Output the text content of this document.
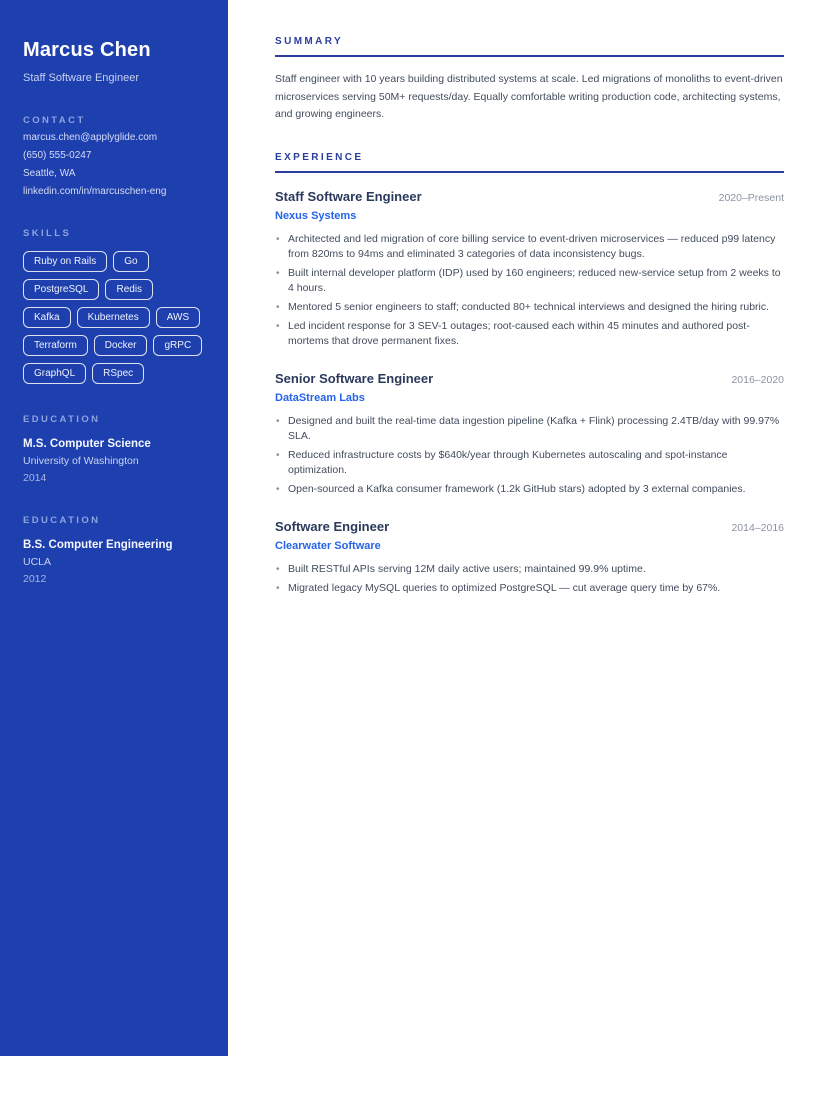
Marcus Chen
Staff Software Engineer
CONTACT
marcus.chen@applyglide.com
(650) 555-0247
Seattle, WA
linkedin.com/in/marcuschen-eng
SKILLS
Ruby on Rails	Go
PostgreSQL	Redis
Kafka	Kubernetes	AWS
Terraform	Docker	gRPC
GraphQL	RSpec
EDUCATION
M.S. Computer Science
University of Washington
2014
EDUCATION
B.S. Computer Engineering
UCLA
2012
SUMMARY

Staff engineer with 10 years building distributed systems at scale. Led migrations of monoliths to event-driven microservices serving 50M+ requests/day. Equally comfortable writing production code, architecting systems, and growing engineers.

EXPERIENCE
Staff Software Engineer	2020–Present
Nexus Systems
• Architected and led migration of core billing service to event-driven microservices — reduced p99 latency from 820ms to 94ms and eliminated 3 categories of data inconsistency bugs.
• Built internal developer platform (IDP) used by 160 engineers; reduced new-service setup from 2 weeks to 4 hours.
• Mentored 5 senior engineers to staff; conducted 80+ technical interviews and designed the hiring rubric.
• Led incident response for 3 SEV-1 outages; root-caused each within 45 minutes and authored post-mortems that drove permanent fixes.
Senior Software Engineer	2016–2020
DataStream Labs
• Designed and built the real-time data ingestion pipeline (Kafka + Flink) processing 2.4TB/day with 99.97% SLA.
• Reduced infrastructure costs by $640k/year through Kubernetes autoscaling and spot-instance optimization.
• Open-sourced a Kafka consumer framework (1.2k GitHub stars) adopted by 3 external companies.
Software Engineer	2014–2016
Clearwater Software
• Built RESTful APIs serving 12M daily active users; maintained 99.9% uptime.
• Migrated legacy MySQL queries to optimized PostgreSQL — cut average query time by 67%.
